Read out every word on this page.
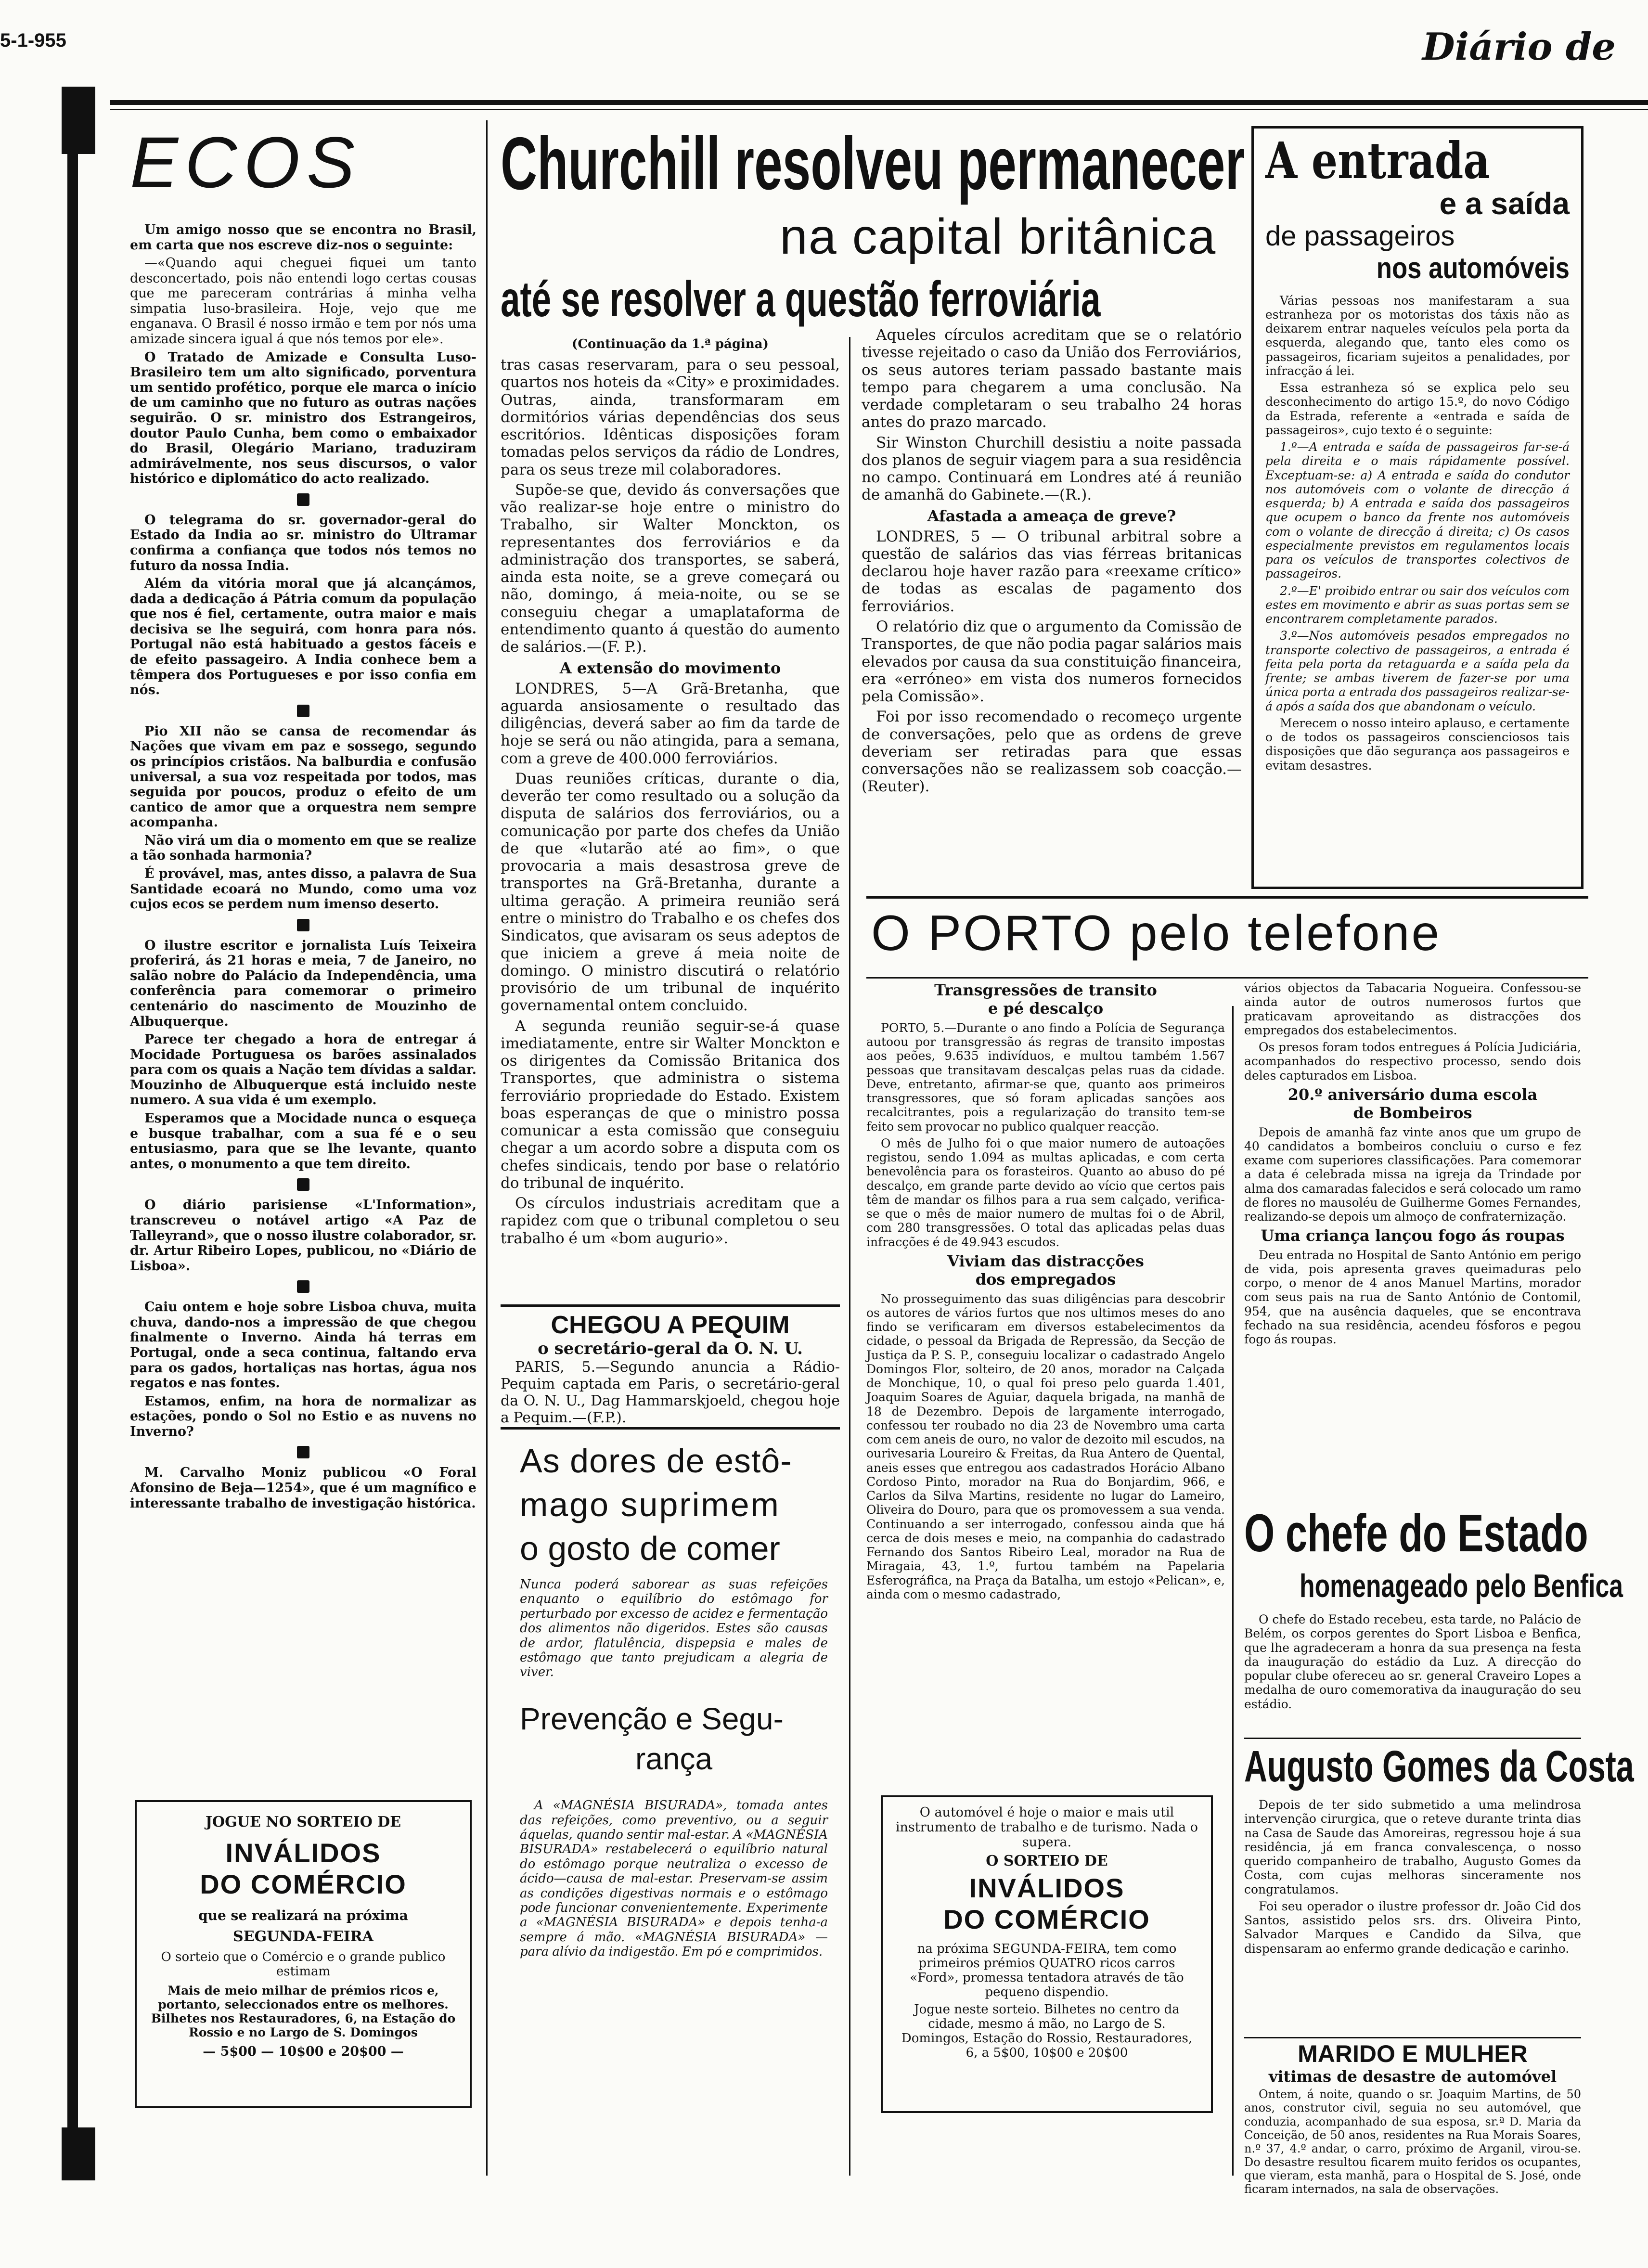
5-1-955	Diário de
ECOS

Um amigo nosso que se encontra no Brasil, em carta que nos escreve diz-nos o seguinte:

—«Quando aqui cheguei fiquei um tanto desconcertado, pois não entendi logo certas cousas que me pareceram contrárias á minha velha simpatia luso-brasileira. Hoje, vejo que me enganava. O Brasil é nosso irmão e tem por nós uma amizade sincera igual á que nós temos por ele».

O Tratado de Amizade e Consulta Luso-Brasileiro tem um alto significado, porventura um sentido profético, porque ele marca o início de um caminho que no futuro as outras nações seguirão. O sr. ministro dos Estrangeiros, doutor Paulo Cunha, bem como o embaixador do Brasil, Olegário Mariano, traduziram admirávelmente, nos seus discursos, o valor histórico e diplomático do acto realizado.

O telegrama do sr. governador-geral do Estado da India ao sr. ministro do Ultramar confirma a confiança que todos nós temos no futuro da nossa India.

Além da vitória moral que já alcançámos, dada a dedicação á Pátria comum da população que nos é fiel, certamente, outra maior e mais decisiva se lhe seguirá, com honra para nós. Portugal não está habituado a gestos fáceis e de efeito passageiro. A India conhece bem a têmpera dos Portugueses e por isso confia em nós.

Pio XII não se cansa de recomendar ás Nações que vivam em paz e sossego, segundo os princípios cristãos. Na balburdia e confusão universal, a sua voz respeitada por todos, mas seguida por poucos, produz o efeito de um cantico de amor que a orquestra nem sempre acompanha.

Não virá um dia o momento em que se realize a tão sonhada harmonia?

É provável, mas, antes disso, a palavra de Sua Santidade ecoará no Mundo, como uma voz cujos ecos se perdem num imenso deserto.

O ilustre escritor e jornalista Luís Teixeira proferirá, ás 21 horas e meia, 7 de Janeiro, no salão nobre do Palácio da Independência, uma conferência para comemorar o primeiro centenário do nascimento de Mouzinho de Albuquerque.

Parece ter chegado a hora de entregar á Mocidade Portuguesa os barões assinalados para com os quais a Nação tem dívidas a saldar. Mouzinho de Albuquerque está incluido neste numero. A sua vida é um exemplo.

Esperamos que a Mocidade nunca o esqueça e busque trabalhar, com a sua fé e o seu entusiasmo, para que se lhe levante, quanto antes, o monumento a que tem direito.

O diário parisiense «L'Information», transcreveu o notável artigo «A Paz de Talleyrand», que o nosso ilustre colaborador, sr. dr. Artur Ribeiro Lopes, publicou, no «Diário de Lisboa».

Caiu ontem e hoje sobre Lisboa chuva, muita chuva, dando-nos a impressão de que chegou finalmente o Inverno. Ainda há terras em Portugal, onde a seca continua, faltando erva para os gados, hortaliças nas hortas, água nos regatos e nas fontes.

Estamos, enfim, na hora de normalizar as estações, pondo o Sol no Estio e as nuvens no Inverno?

M. Carvalho Moniz publicou «O Foral Afonsino de Beja—1254», que é um magnífico e interessante trabalho de investigação histórica.

JOGUE NO SORTEIO DE
INVÁLIDOS
DO COMÉRCIO
que se realizará na próxima
SEGUNDA-FEIRA
O sorteio que o Comércio e o grande publico estimam
Mais de meio milhar de prémios ricos e, portanto, seleccionados entre os melhores. Bilhetes nos Restauradores, 6, na Estação do Rossio e no Largo de S. Domingos
— 5$00 — 10$00 e 20$00 —
Churchill resolveu permanecer
na capital britânica
até se resolver a questão ferroviária
(Continuação da 1.ª página)

tras casas reservaram, para o seu pessoal, quartos nos hoteis da «City» e proximidades. Outras, ainda, transformaram em dormitórios várias dependências dos seus escritórios. Idênticas disposições foram tomadas pelos serviços da rádio de Londres, para os seus treze mil colaboradores.

Supõe-se que, devido ás conversações que vão realizar-se hoje entre o ministro do Trabalho, sir Walter Monckton, os representantes dos ferroviários e da administração dos transportes, se saberá, ainda esta noite, se a greve começará ou não, domingo, á meia-noite, ou se se conseguiu chegar a umaplataforma de entendimento quanto á questão do aumento de salários.—(F. P.).

A extensão do movimento

LONDRES, 5—A Grã-Bretanha, que aguarda ansiosamente o resultado das diligências, deverá saber ao fim da tarde de hoje se será ou não atingida, para a semana, com a greve de 400.000 ferroviários.

Duas reuniões críticas, durante o dia, deverão ter como resultado ou a solução da disputa de salários dos ferroviários, ou a comunicação por parte dos chefes da União de que «lutarão até ao fim», o que provocaria a mais desastrosa greve de transportes na Grã-Bretanha, durante a ultima geração. A primeira reunião será entre o ministro do Trabalho e os chefes dos Sindicatos, que avisaram os seus adeptos de que iniciem a greve á meia noite de domingo. O ministro discutirá o relatório provisório de um tribunal de inquérito governamental ontem concluido.

A segunda reunião seguir-se-á quase imediatamente, entre sir Walter Monckton e os dirigentes da Comissão Britanica dos Transportes, que administra o sistema ferroviário propriedade do Estado. Existem boas esperanças de que o ministro possa comunicar a esta comissão que conseguiu chegar a um acordo sobre a disputa com os chefes sindicais, tendo por base o relatório do tribunal de inquérito.

Os círculos industriais acreditam que a rapidez com que o tribunal completou o seu trabalho é um «bom augurio».

Aqueles círculos acreditam que se o relatório tivesse rejeitado o caso da União dos Ferroviários, os seus autores teriam passado bastante mais tempo para chegarem a uma conclusão. Na verdade completaram o seu trabalho 24 horas antes do prazo marcado.

Sir Winston Churchill desistiu a noite passada dos planos de seguir viagem para a sua residência no campo. Continuará em Londres até á reunião de amanhã do Gabinete.—(R.).

Afastada a ameaça de greve?

LONDRES, 5 — O tribunal arbitral sobre a questão de salários das vias férreas britanicas declarou hoje haver razão para «reexame crítico» de todas as escalas de pagamento dos ferroviários.

O relatório diz que o argumento da Comissão de Transportes, de que não podia pagar salários mais elevados por causa da sua constituição financeira, era «erróneo» em vista dos numeros fornecidos pela Comissão».

Foi por isso recomendado o recomeço urgente de conversações, pelo que as ordens de greve deveriam ser retiradas para que essas conversações não se realizassem sob coacção.—(Reuter).

A entrada
e a saída
de passageiros
nos automóveis

Várias pessoas nos manifestaram a sua estranheza por os motoristas dos táxis não as deixarem entrar naqueles veículos pela porta da esquerda, alegando que, tanto eles como os passageiros, ficariam sujeitos a penalidades, por infracção á lei.

Essa estranheza só se explica pelo seu desconhecimento do artigo 15.º, do novo Código da Estrada, referente a «entrada e saída de passageiros», cujo texto é o seguinte:

1.º—A entrada e saída de passageiros far-se-á pela direita e o mais rápidamente possível. Exceptuam-se: a) A entrada e saída do condutor nos automóveis com o volante de direcção á esquerda; b) A entrada e saída dos passageiros que ocupem o banco da frente nos automóveis com o volante de direcção á direita; c) Os casos especialmente previstos em regulamentos locais para os veículos de transportes colectivos de passageiros.

2.º—E' proibido entrar ou sair dos veículos com estes em movimento e abrir as suas portas sem se encontrarem completamente parados.

3.º—Nos automóveis pesados empregados no transporte colectivo de passageiros, a entrada é feita pela porta da retaguarda e a saída pela da frente; se ambas tiverem de fazer-se por uma única porta a entrada dos passageiros realizar-se-á após a saída dos que abandonam o veículo.

Merecem o nosso inteiro aplauso, e certamente o de todos os passageiros conscienciosos tais disposições que dão segurança aos passageiros e evitam desastres.

CHEGOU A PEQUIM
o secretário-geral da O. N. U.

PARIS, 5.—Segundo anuncia a Rádio-Pequim captada em Paris, o secretário-geral da O. N. U., Dag Hammarskjoeld, chegou hoje a Pequim.—(F.P.).

As dores de estô-
mago suprimem
o gosto de comer

Nunca poderá saborear as suas refeições enquanto o equilíbrio do estômago for perturbado por excesso de acidez e fermentação dos alimentos não digeridos. Estes são causas de ardor, flatulência, dispepsia e males de estômago que tanto prejudicam a alegria de viver.

Prevenção e Segu-
rança

A «MAGNÉSIA BISURADA», tomada antes das refeições, como preventivo, ou a seguir áquelas, quando sentir mal-estar. A «MAGNÉSIA BISURADA» restabelecerá o equilíbrio natural do estômago porque neutraliza o excesso de ácido—causa de mal-estar. Preservam-se assim as condições digestivas normais e o estômago pode funcionar convenientemente. Experimente a «MAGNÉSIA BISURADA» e depois tenha-a sempre á mão. «MAGNÉSIA BISURADA» — para alívio da indigestão. Em pó e comprimidos.

O PORTO pelo telefone
Transgressões de transito
e pé descalço

PORTO, 5.—Durante o ano findo a Polícia de Segurança autoou por transgressão ás regras de transito impostas aos peões, 9.635 indivíduos, e multou também 1.567 pessoas que transitavam descalças pelas ruas da cidade. Deve, entretanto, afirmar-se que, quanto aos primeiros transgressores, que só foram aplicadas sanções aos recalcitrantes, pois a regularização do transito tem-se feito sem provocar no publico qualquer reacção.

O mês de Julho foi o que maior numero de autoações registou, sendo 1.094 as multas aplicadas, e com certa benevolência para os forasteiros. Quanto ao abuso do pé descalço, em grande parte devido ao vício que certos pais têm de mandar os filhos para a rua sem calçado, verifica-se que o mês de maior numero de multas foi o de Abril, com 280 transgressões. O total das aplicadas pelas duas infracções é de 49.943 escudos.

Viviam das distracções
dos empregados

No prosseguimento das suas diligências para descobrir os autores de vários furtos que nos ultimos meses do ano findo se verificaram em diversos estabelecimentos da cidade, o pessoal da Brigada de Repressão, da Secção de Justiça da P. S. P., conseguiu localizar o cadastrado Angelo Domingos Flor, solteiro, de 20 anos, morador na Calçada de Monchique, 10, o qual foi preso pelo guarda 1.401, Joaquim Soares de Aguiar, daquela brigada, na manhã de 18 de Dezembro. Depois de largamente interrogado, confessou ter roubado no dia 23 de Novembro uma carta com cem aneis de ouro, no valor de dezoito mil escudos, na ourivesaria Loureiro & Freitas, da Rua Antero de Quental, aneis esses que entregou aos cadastrados Horácio Albano Cordoso Pinto, morador na Rua do Bonjardim, 966, e Carlos da Silva Martins, residente no lugar do Lameiro, Oliveira do Douro, para que os promovessem a sua venda. Continuando a ser interrogado, confessou ainda que há cerca de dois meses e meio, na companhia do cadastrado Fernando dos Santos Ribeiro Leal, morador na Rua de Miragaia, 43, 1.º, furtou também na Papelaria Esferográfica, na Praça da Batalha, um estojo «Pelican», e, ainda com o mesmo cadastrado,

vários objectos da Tabacaria Nogueira. Confessou-se ainda autor de outros numerosos furtos que praticavam aproveitando as distracções dos empregados dos estabelecimentos.

Os presos foram todos entregues á Polícia Judiciária, acompanhados do respectivo processo, sendo dois deles capturados em Lisboa.

20.º aniversário duma escola
de Bombeiros

Depois de amanhã faz vinte anos que um grupo de 40 candidatos a bombeiros concluiu o curso e fez exame com superiores classificações. Para comemorar a data é celebrada missa na igreja da Trindade por alma dos camaradas falecidos e será colocado um ramo de flores no mausoléu de Guilherme Gomes Fernandes, realizando-se depois um almoço de confraternização.

Uma criança lançou fogo ás roupas

Deu entrada no Hospital de Santo António em perigo de vida, pois apresenta graves queimaduras pelo corpo, o menor de 4 anos Manuel Martins, morador com seus pais na rua de Santo António de Contomil, 954, que na ausência daqueles, que se encontrava fechado na sua residência, acendeu fósforos e pegou fogo ás roupas.

O automóvel é hoje o maior e mais util instrumento de trabalho e de turismo. Nada o supera.
O SORTEIO DE
INVÁLIDOS
DO COMÉRCIO
na próxima SEGUNDA-FEIRA, tem como primeiros prémios QUATRO ricos carros «Ford», promessa tentadora através de tão pequeno dispendio.
Jogue neste sorteio. Bilhetes no centro da cidade, mesmo á mão, no Largo de S. Domingos, Estação do Rossio, Restauradores, 6, a 5$00, 10$00 e 20$00
O chefe do Estado
homenageado pelo Benfica

O chefe do Estado recebeu, esta tarde, no Palácio de Belém, os corpos gerentes do Sport Lisboa e Benfica, que lhe agradeceram a honra da sua presença na festa da inauguração do estádio da Luz. A direcção do popular clube ofereceu ao sr. general Craveiro Lopes a medalha de ouro comemorativa da inauguração do seu estádio.

Augusto Gomes da Costa

Depois de ter sido submetido a uma melindrosa intervenção cirurgica, que o reteve durante trinta dias na Casa de Saude das Amoreiras, regressou hoje á sua residência, já em franca convalescença, o nosso querido companheiro de trabalho, Augusto Gomes da Costa, com cujas melhoras sinceramente nos congratulamos.

Foi seu operador o ilustre professor dr. João Cid dos Santos, assistido pelos srs. drs. Oliveira Pinto, Salvador Marques e Candido da Silva, que dispensaram ao enfermo grande dedicação e carinho.

MARIDO E MULHER
vitimas de desastre de automóvel

Ontem, á noite, quando o sr. Joaquim Martins, de 50 anos, construtor civil, seguia no seu automóvel, que conduzia, acompanhado de sua esposa, sr.ª D. Maria da Conceição, de 50 anos, residentes na Rua Morais Soares, n.º 37, 4.º andar, o carro, próximo de Arganil, virou-se. Do desastre resultou ficarem muito feridos os ocupantes, que vieram, esta manhã, para o Hospital de S. José, onde ficaram internados, na sala de observações.
